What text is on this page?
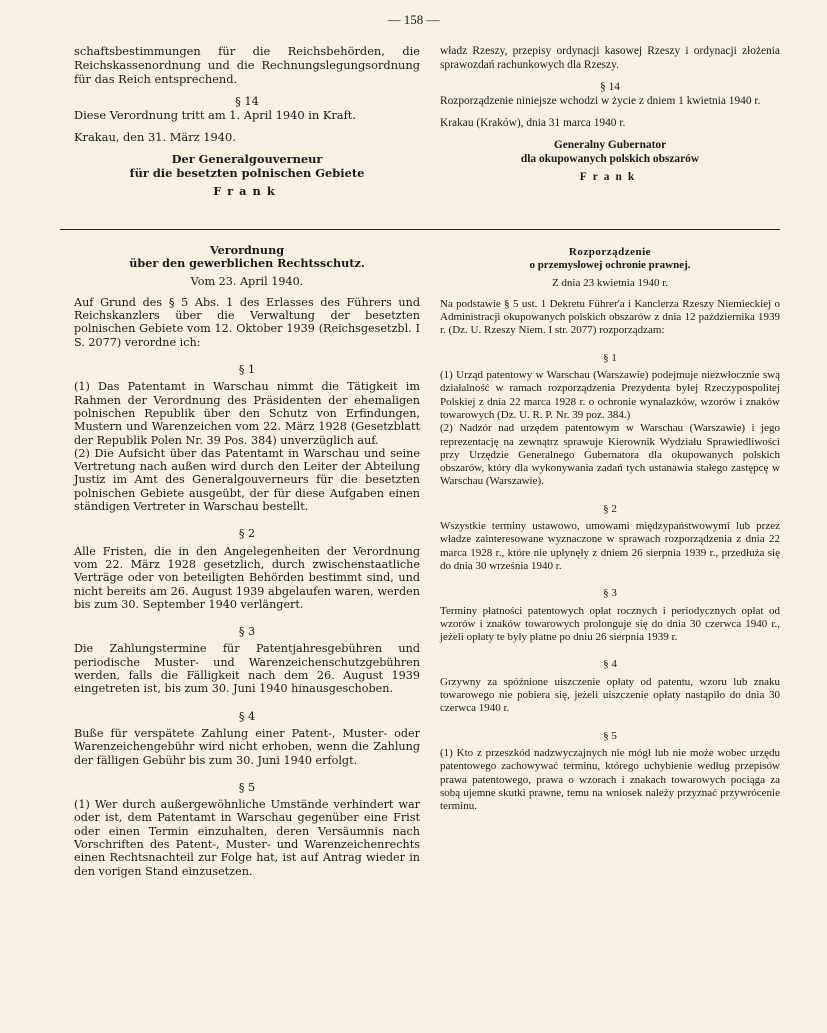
— 158 —

schaftsbestimmungen für die Reichsbehörden, die Reichskassenordnung und die Rechnungslegungsordnung für das Reich entsprechend.

§ 14

Diese Verordnung tritt am 1. April 1940 in Kraft.

Krakau, den 31. März 1940.

Der Generalgouverneur

für die besetzten polnischen Gebiete

Frank

władz Rzeszy, przepisy ordynacji kasowej Rzeszy i ordynacji złożenia sprawozdań rachunkowych dla Rzeszy.

§ 14

Rozporządzenie niniejsze wchodzi w życie z dniem 1 kwietnia 1940 r.

Krakau (Kraków), dnia 31 marca 1940 r.

Generalny Gubernator

dla okupowanych polskich obszarów

Frank

Verordnung

über den gewerblichen Rechtsschutz.

Vom 23. April 1940.

Auf Grund des § 5 Abs. 1 des Erlasses des Führers und Reichskanzlers über die Verwaltung der besetzten polnischen Gebiete vom 12. Oktober 1939 (Reichsgesetzbl. I S. 2077) verordne ich:

§ 1

(1) Das Patentamt in Warschau nimmt die Tätigkeit im Rahmen der Verordnung des Präsidenten der ehemaligen polnischen Republik über den Schutz von Erfindungen, Mustern und Warenzeichen vom 22. März 1928 (Gesetzblatt der Republik Polen Nr. 39 Pos. 384) unverzüglich auf.

(2) Die Aufsicht über das Patentamt in Warschau und seine Vertretung nach außen wird durch den Leiter der Abteilung Justiz im Amt des Generalgouverneurs für die besetzten polnischen Gebiete ausgeübt, der für diese Aufgaben einen ständigen Vertreter in Warschau bestellt.

§ 2

Alle Fristen, die in den Angelegenheiten der Verordnung vom 22. März 1928 gesetzlich, durch zwischenstaatliche Verträge oder von beteiligten Behörden bestimmt sind, und nicht bereits am 26. August 1939 abgelaufen waren, werden bis zum 30. September 1940 verlängert.

§ 3

Die Zahlungstermine für Patentjahresgebühren und periodische Muster- und Warenzeichenschutzgebühren werden, falls die Fälligkeit nach dem 26. August 1939 eingetreten ist, bis zum 30. Juni 1940 hinausgeschoben.

§ 4

Buße für verspätete Zahlung einer Patent-, Muster- oder Warenzeichengebühr wird nicht erhoben, wenn die Zahlung der fälligen Gebühr bis zum 30. Juni 1940 erfolgt.

§ 5

(1) Wer durch außergewöhnliche Umstände verhindert war oder ist, dem Patentamt in Warschau gegenüber eine Frist oder einen Termin einzuhalten, deren Versäumnis nach Vorschriften des Patent-, Muster- und Warenzeichenrechts einen Rechtsnachteil zur Folge hat, ist auf Antrag wieder in den vorigen Stand einzusetzen.

Rozporządzenie

o przemysłowej ochronie prawnej.

Z dnia 23 kwietnia 1940 r.

Na podstawie § 5 ust. 1 Dekretu Führer'a i Kanclerza Rzeszy Niemieckiej o Administracji okupowanych polskich obszarów z dnia 12 października 1939 r. (Dz. U. Rzeszy Niem. I str. 2077) rozporządzam:

§ 1

(1) Urząd patentowy w Warschau (Warszawie) podejmuje niezwłocznie swą działalność w ramach rozporządzenia Prezydenta byłej Rzeczypospolitej Polskiej z dnia 22 marca 1928 r. o ochronie wynalazków, wzorów i znaków towarowych (Dz. U. R. P. Nr. 39 poz. 384.)

(2) Nadzór nad urzędem patentowym w Warschau (Warszawie) i jego reprezentację na zewnątrz sprawuje Kierownik Wydziału Sprawiedliwości przy Urzędzie Generalnego Gubernatora dla okupowanych polskich obszarów, który dla wykonywania zadań tych ustanawia stałego zastępcę w Warschau (Warszawie).

§ 2

Wszystkie terminy ustawowo, umowami międzypaństwowymi lub przez władze zainteresowane wyznaczone w sprawach rozporządzenia z dnia 22 marca 1928 r., które nie upłynęły z dniem 26 sierpnia 1939 r., przedłuża się do dnia 30 września 1940 r.

§ 3

Terminy płatności patentowych opłat rocznych i periodycznych opłat od wzorów i znaków towarowych prolonguje się do dnia 30 czerwca 1940 r., jeżeli opłaty te były płatne po dniu 26 sierpnia 1939 r.

§ 4

Grzywny za spóźnione uiszczenie opłaty od patentu, wzoru lub znaku towarowego nie pobiera się, jeżeli uiszczenie opłaty nastąpiło do dnia 30 czerwca 1940 r.

§ 5

(1) Kto z przeszkód nadzwyczajnych nie mógł lub nie może wobec urzędu patentowego zachowywać terminu, którego uchybienie według przepisów prawa patentowego, prawa o wzorach i znakach towarowych pociąga za sobą ujemne skutki prawne, temu na wniosek należy przyznać przywrócenie terminu.
